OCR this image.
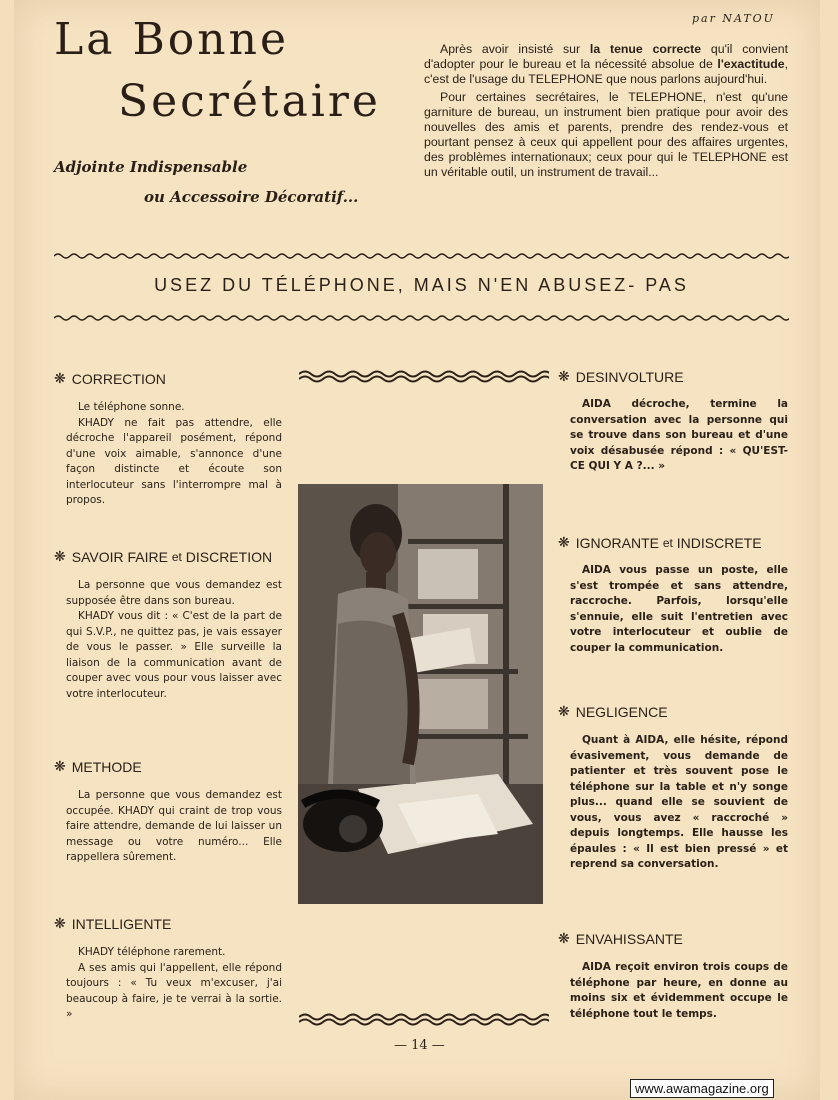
par NATOU
La Bonne
Secrétaire
Adjointe Indispensable
ou Accessoire Décoratif...

Après avoir insisté sur la tenue correcte qu'il convient d'adopter pour le bureau et la nécessité absolue de l'exactitude, c'est de l'usage du TELEPHONE que nous parlons aujourd'hui.

Pour certaines secrétaires, le TELEPHONE, n'est qu'une garniture de bureau, un instrument bien pratique pour avoir des nouvelles des amis et parents, prendre des rendez-vous et pourtant pensez à ceux qui appellent pour des affaires urgentes, des problèmes internationaux; ceux pour qui le TELEPHONE est un véritable outil, un instrument de travail...

USEZ DU TÉLÉPHONE, MAIS N'EN ABUSEZ- PAS
❋ CORRECTION

Le téléphone sonne.

KHADY ne fait pas attendre, elle décroche l'appareil posément, répond d'une voix aimable, s'annonce d'une façon distincte et écoute son interlocuteur sans l'interrompre mal à propos.

❋ SAVOIR FAIRE
et
DISCRETION

La personne que vous demandez est supposée être dans son bureau.

KHADY vous dit : « C'est de la part de qui S.V.P., ne quittez pas, je vais essayer de vous le passer. » Elle surveille la liaison de la communication avant de couper avec vous pour vous laisser avec votre interlocuteur.

❋ METHODE

La personne que vous demandez est occupée. KHADY qui craint de trop vous faire attendre, demande de lui laisser un message ou votre numéro... Elle rappellera sûrement.

❋ INTELLIGENTE

KHADY téléphone rarement.

A ses amis qui l'appellent, elle répond toujours : « Tu veux m'excuser, j'ai beaucoup à faire, je te verrai à la sortie. »

❋ DESINVOLTURE

AIDA décroche, termine la conversation avec la personne qui se trouve dans son bureau et d'une voix désabusée répond : « QU'EST-CE QUI Y A ?... »

❋ IGNORANTE
et
INDISCRETE

AIDA vous passe un poste, elle s'est trompée et sans attendre, raccroche. Parfois, lorsqu'elle s'ennuie, elle suit l'entretien avec votre interlocuteur et oublie de couper la communication.

❋ NEGLIGENCE

Quant à AIDA, elle hésite, répond évasivement, vous demande de patienter et très souvent pose le téléphone sur la table et n'y songe plus... quand elle se souvient de vous, vous avez « raccroché » depuis longtemps. Elle hausse les épaules : « Il est bien pressé » et reprend sa conversation.

❋ ENVAHISSANTE

AIDA reçoit environ trois coups de téléphone par heure, en donne au moins six et évidemment occupe le téléphone tout le temps.

— 14 —
www.awamagazine.org
